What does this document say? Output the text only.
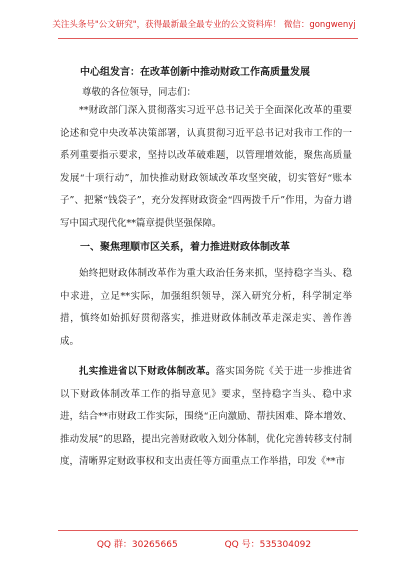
关注头条号"公文研究"，获得最新最全最专业的公文资料库！ 微信：gongwenyj
中心组发言：在改革创新中推动财政工作高质量发展
尊敬的各位领导，同志们：

**财政部门深入贯彻落实习近平总书记关于全面深化改革的重要论述和党中央改革决策部署，认真贯彻习近平总书记对我市工作的一系列重要指示要求，坚持以改革破难题，以管理增效能，聚焦高质量发展“十项行动”，加快推动财政领域改革攻坚突破，切实管好“账本子”、把紧“钱袋子”，充分发挥财政资金“四两拨千斤”作用，为奋力谱写中国式现代化**篇章提供坚强保障。

一、聚焦理顺市区关系，着力推进财政体制改革

始终把财政体制改革作为重大政治任务来抓，坚持稳字当头、稳中求进，立足**实际，加强组织领导，深入研究分析，科学制定举措，慎终如始抓好贯彻落实，推进财政体制改革走深走实、善作善成。

扎实推进省以下财政体制改革。落实国务院《关于进一步推进省以下财政体制改革工作的指导意见》要求，坚持稳字当头、稳中求进，结合**市财政工作实际，围绕“正向激励、帮扶困难、降本增效、推动发展”的思路，提出完善财政收入划分体制，优化完善转移支付制度，清晰界定财政事权和支出责任等方面重点工作举措，印发《**市

QQ 群：30265665	QQ 号：535304092
